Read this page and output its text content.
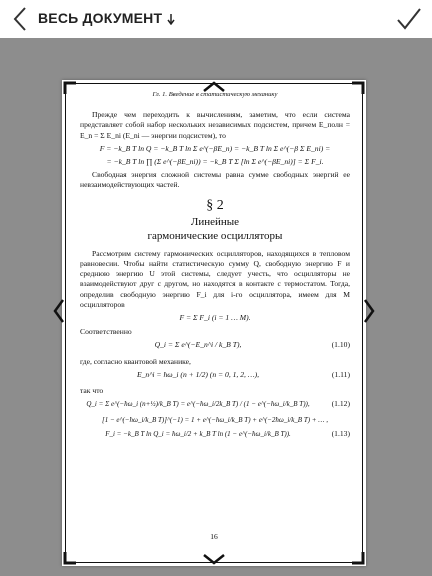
ВЕСЬ ДОКУМЕНТ
Гл. 1. Введение в статистическую механику

Прежде чем переходить к вычислениям, заметим, что если система представляет собой набор нескольких независимых подсистем, причем E_полн = E_n = Σ E_ni (E_ni — энергии подсистем), то

F = −k_B T ln Q = −k_B T ln Σ e^(−βE_n) = −k_B T ln Σ e^(−β Σ E_ni) =
= −k_B T ln ∏ (Σ e^(−βE_ni)) = −k_B T Σ [ln Σ e^(−βE_ni)] = Σ F_i.

Свободная энергия сложной системы равна сумме свободных энергий ее невзаимодействующих частей.

§ 2
Линейные
гармонические осцилляторы

Рассмотрим систему гармонических осцилляторов, находящихся в тепловом равновесии. Чтобы найти статистическую сумму Q, свободную энергию F и среднюю энергию U этой системы, следует учесть, что осцилляторы не взаимодействуют друг с другом, но находятся в контакте с термостатом. Тогда, определив свободную энергию F_i для i-го осциллятора, имеем для M осцилляторов

F = Σ F_i (i = 1 … M).
Соответственно
Q_i = Σ e^(−E_n^i / k_B T),	(1.10)
где, согласно квантовой механике,
E_n^i = ħω_i (n + 1/2) (n = 0, 1, 2, …),	(1.11)
так что
Q_i = Σ e^(−ħω_i (n+½)/k_B T) = e^(−ħω_i/2k_B T) / (1 − e^(−ħω_i/k_B T)),	(1.12)
[1 − e^(−ħω_i/k_B T)]^(−1) = 1 + e^(−ħω_i/k_B T) + e^(−2ħω_i/k_B T) + … ,
F_i = −k_B T ln Q_i = ħω_i/2 + k_B T ln (1 − e^(−ħω_i/k_B T)).	(1.13)
16
